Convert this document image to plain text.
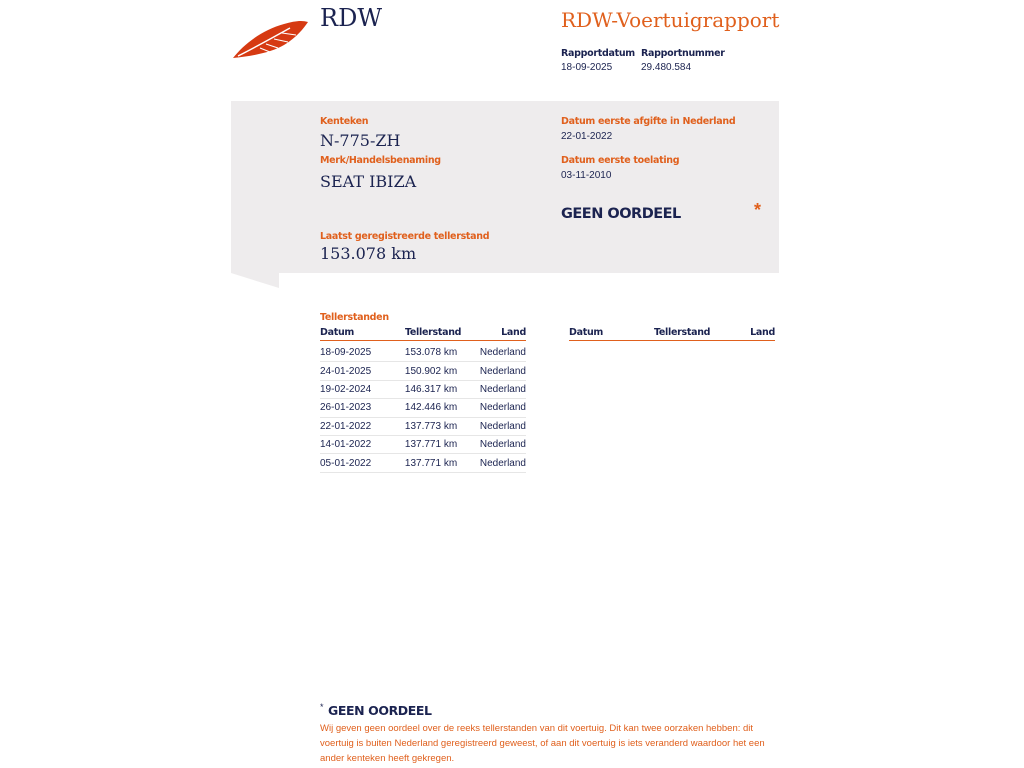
RDW	RDW-Voertuigrapport
Rapportdatum
18-09-2025
Rapportnummer
29.480.584
Kenteken
N-775-ZH
Merk/Handelsbenaming
SEAT IBIZA
Laatst geregistreerde tellerstand
153.078 km
Datum eerste afgifte in Nederland
22-01-2022
Datum eerste toelating
03-11-2010
GEEN OORDEEL	*
Tellerstanden
Datum	Tellerstand	Land	Datum	Tellerstand	Land
18-09-2025	153.078 km	Nederland
24-01-2025	150.902 km	Nederland
19-02-2024	146.317 km	Nederland
26-01-2023	142.446 km	Nederland
22-01-2022	137.773 km	Nederland
14-01-2022	137.771 km	Nederland
05-01-2022	137.771 km	Nederland
* GEEN OORDEEL
Wij geven geen oordeel over de reeks tellerstanden van dit voertuig. Dit kan twee oorzaken hebben: dit voertuig is buiten Nederland geregistreerd geweest, of aan dit voertuig is iets veranderd waardoor het een ander kenteken heeft gekregen.
